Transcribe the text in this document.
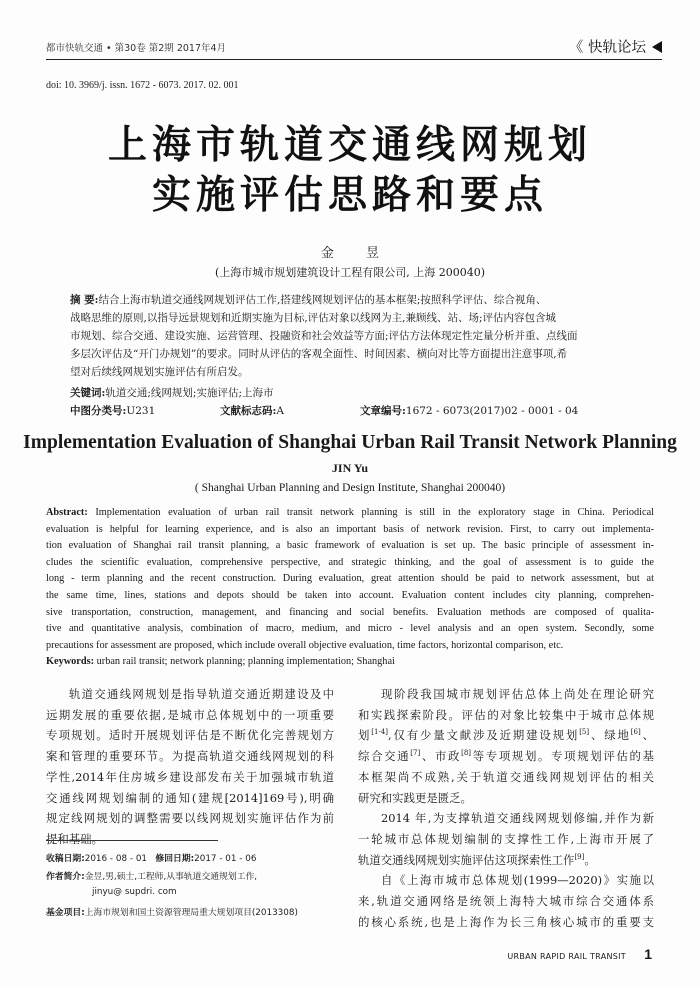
都市快轨交通 • 第30卷 第2期 2017年4月	《 快轨论坛
doi: 10. 3969/j. issn. 1672 - 6073. 2017. 02. 001
上海市轨道交通线网规划
实施评估思路和要点
金 昱
(上海市城市规划建筑设计工程有限公司, 上海 200040)
摘 要:结合上海市轨道交通线网规划评估工作,搭建线网规划评估的基本框架;按照科学评估、综合视角、
战略思维的原则,以指导远景规划和近期实施为目标,评估对象以线网为主,兼顾线、站、场;评估内容包含城
市规划、综合交通、建设实施、运营管理、投融资和社会效益等方面;评估方法体现定性定量分析并重、点线面
多层次评估及“开门办规划”的要求。同时从评估的客观全面性、时间因素、横向对比等方面提出注意事项,希
望对后续线网规划实施评估有所启发。
关键词:轨道交通;线网规划;实施评估;上海市
中图分类号:U231	文献标志码:A	文章编号:1672 - 6073(2017)02 - 0001 - 04
Implementation Evaluation of Shanghai Urban Rail Transit Network Planning
JIN Yu
( Shanghai Urban Planning and Design Institute, Shanghai 200040)
Abstract: Implementation evaluation of urban rail transit network planning is still in the exploratory stage in China. Periodical
evaluation is helpful for learning experience, and is also an important basis of network revision. First, to carry out implementa-
tion evaluation of Shanghai rail transit planning, a basic framework of evaluation is set up. The basic principle of assessment in-
cludes the scientific evaluation, comprehensive perspective, and strategic thinking, and the goal of assessment is to guide the
long - term planning and the recent construction. During evaluation, great attention should be paid to network assessment, but at
the same time, lines, stations and depots should be taken into account. Evaluation content includes city planning, comprehen-
sive transportation, construction, management, and financing and social benefits. Evaluation methods are composed of qualita-
tive and quantitative analysis, combination of macro, medium, and micro - level analysis and an open system. Secondly, some
precautions for assessment are proposed, which include overall objective evaluation, time factors, horizontal comparison, etc.
Keywords: urban rail transit; network planning; planning implementation; Shanghai
轨道交通线网规划是指导轨道交通近期建设及中
远期发展的重要依据,是城市总体规划中的一项重要
专项规划。适时开展规划评估是不断优化完善规划方
案和管理的重要环节。为提高轨道交通线网规划的科
学性,2014年住房城乡建设部发布关于加强城市轨道
交通线网规划编制的通知(建规[2014]169号),明确
规定线网规划的调整需要以线网规划实施评估作为前
提和基础。
现阶段我国城市规划评估总体上尚处在理论研究
和实践探索阶段。评估的对象比较集中于城市总体规
划[1-4],仅有少量文献涉及近期建设规划[5]、绿地[6]、
综合交通[7]、市政[8]等专项规划。专项规划评估的基
本框架尚不成熟,关于轨道交通线网规划评估的相关
研究和实践更是匮乏。
2014 年,为支撑轨道交通线网规划修编,并作为新
一轮城市总体规划编制的支撑性工作,上海市开展了
轨道交通线网规划实施评估这项探索性工作[9]。
自《上海市城市总体规划(1999—2020)》实施以
来,轨道交通网络是统领上海特大城市综合交通体系
的核心系统,也是上海作为长三角核心城市的重要支
收稿日期:2016 - 08 - 01 修回日期:2017 - 01 - 06
作者简介:金昱,男,硕士,工程师,从事轨道交通规划工作,
jinyu@ supdri. com
基金项目:上海市规划和国土资源管理局重大规划项目(2013308)
URBAN RAPID RAIL TRANSIT 1
